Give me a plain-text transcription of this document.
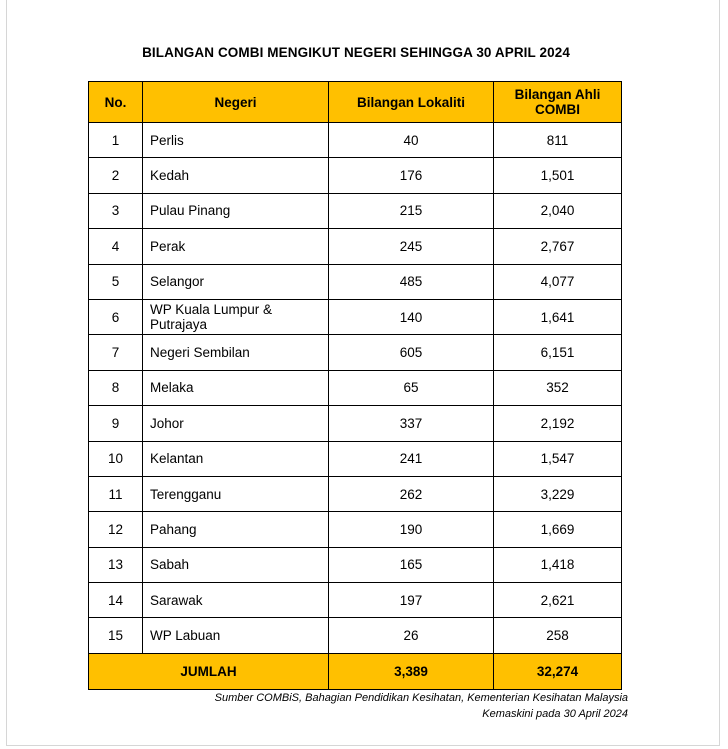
BILANGAN COMBI MENGIKUT NEGERI SEHINGGA 30 APRIL 2024
No.	Negeri	Bilangan Lokaliti	Bilangan Ahli
COMBI

1	Perlis	40	811
2	Kedah	176	1,501
3	Pulau Pinang	215	2,040
4	Perak	245	2,767
5	Selangor	485	4,077
6	WP Kuala Lumpur & Putrajaya	140	1,641
7	Negeri Sembilan	605	6,151
8	Melaka	65	352
9	Johor	337	2,192
10	Kelantan	241	1,547
11	Terengganu	262	3,229
12	Pahang	190	1,669
13	Sabah	165	1,418
14	Sarawak	197	2,621
15	WP Labuan	26	258
JUMLAH		3,389	32,274
Sumber COMBiS, Bahagian Pendidikan Kesihatan, Kementerian Kesihatan Malaysia
Kemaskini pada 30 April 2024
